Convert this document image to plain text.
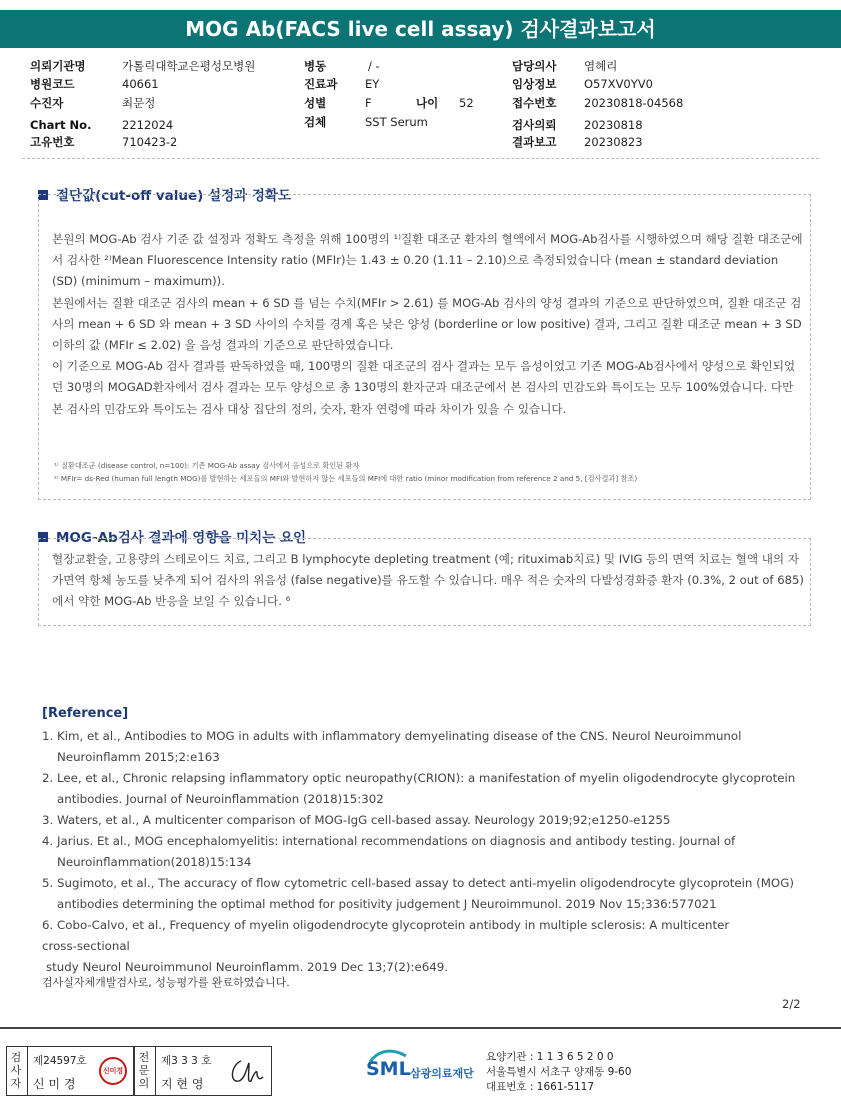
MOG Ab(FACS live cell assay) 검사결과보고서
의뢰기관명	가톨릭대학교은평성모병원
병원코드	40661
수진자	최문정
Chart No.	2212024
고유번호	710423-2
병동	/ -
진료과 EY
성별	F	나이 52
검체	SST Serum
담당의사 염혜리
임상정보 O57XV0YV0
접수번호 20230818-04568
검사의뢰 20230818
결과보고 20230823
절단값(cut-off value) 설정과 정확도

본원의 MOG-Ab 검사 기준 값 설정과 정확도 측정을 위해 100명의 ¹⁾질환 대조군 환자의 혈액에서 MOG-Ab검사를 시행하였으며 해당 질환 대조군에서 검사한 ²⁾Mean Fluorescence Intensity ratio (MFIr)는 1.43 ± 0.20 (1.11 – 2.10)으로 측정되었습니다 (mean ± standard deviation (SD) (minimum – maximum)).

본원에서는 질환 대조군 검사의 mean + 6 SD 를 넘는 수치(MFIr > 2.61) 를 MOG-Ab 검사의 양성 결과의 기준으로 판단하였으며, 질환 대조군 검사의 mean + 6 SD 와 mean + 3 SD 사이의 수치를 경계 혹은 낮은 양성 (borderline or low positive) 결과, 그리고 질환 대조군 mean + 3 SD 이하의 값 (MFIr ≤ 2.02) 을 음성 결과의 기준으로 판단하였습니다.

이 기준으로 MOG-Ab 검사 결과를 판독하였을 때, 100명의 질환 대조군의 검사 결과는 모두 음성이었고 기존 MOG-Ab검사에서 양성으로 확인되었던 30명의 MOGAD환자에서 검사 결과는 모두 양성으로 총 130명의 환자군과 대조군에서 본 검사의 민감도와 특이도는 모두 100%였습니다. 다만 본 검사의 민감도와 특이도는 검사 대상 집단의 정의, 숫자, 환자 연령에 따라 차이가 있을 수 있습니다.

¹⁾ 질환대조군 (disease control, n=100): 기존 MOG-Ab assay 검사에서 음성으로 확인된 환자
²⁾ MFIr= ds-Red (human full length MOG)를 발현하는 세포들의 MFI와 발현하지 않는 세포들의 MFI에 대한 ratio (minor modification from reference 2 and 5, [검사결과] 참조)
MOG-Ab검사 결과에 영향을 미치는 요인
혈장교환술, 고용량의 스테로이드 치료, 그리고 B lymphocyte depleting treatment (예; rituximab치료) 및 IVIG 등의 면역 치료는 혈액 내의 자가면역 항체 농도를 낮추게 되어 검사의 위음성 (false negative)를 유도할 수 있습니다. 매우 적은 숫자의 다발성경화증 환자 (0.3%, 2 out of 685)에서 약한 MOG-Ab 반응을 보일 수 있습니다. ⁶
[Reference]

1. Kim, et al., Antibodies to MOG in adults with inflammatory demyelinating disease of the CNS. Neurol Neuroimmunol
Neuroinflamm 2015;2:e163

2. Lee, et al., Chronic relapsing inflammatory optic neuropathy(CRION): a manifestation of myelin oligodendrocyte glycoprotein
antibodies. Journal of Neuroinflammation (2018)15:302

3. Waters, et al., A multicenter comparison of MOG-IgG cell-based assay. Neurology 2019;92;e1250-e1255

4. Jarius. Et al., MOG encephalomyelitis: international recommendations on diagnosis and antibody testing. Journal of
Neuroinflammation(2018)15:134

5. Sugimoto, et al., The accuracy of flow cytometric cell-based assay to detect anti-myelin oligodendrocyte glycoprotein (MOG)
antibodies determining the optimal method for positivity judgement J Neuroimmunol. 2019 Nov 15;336:577021

6. Cobo-Calvo, et al., Frequency of myelin oligodendrocyte glycoprotein antibody in multiple sclerosis: A multicenter
cross-sectional
study Neurol Neuroimmunol Neuroinflamm. 2019 Dec 13;7(2):e649.

검사실자체개발검사로, 성능평가를 완료하였습니다.
2/2
검
사
자
제24597호
신 미 경
신미경
전
문
의
제3 3 3 호
지 현 영
SML 삼광의료재단
요양기관 : 1 1 3 6 5 2 0 0
서울특별시 서초구 양재동 9-60
대표번호 : 1661-5117
